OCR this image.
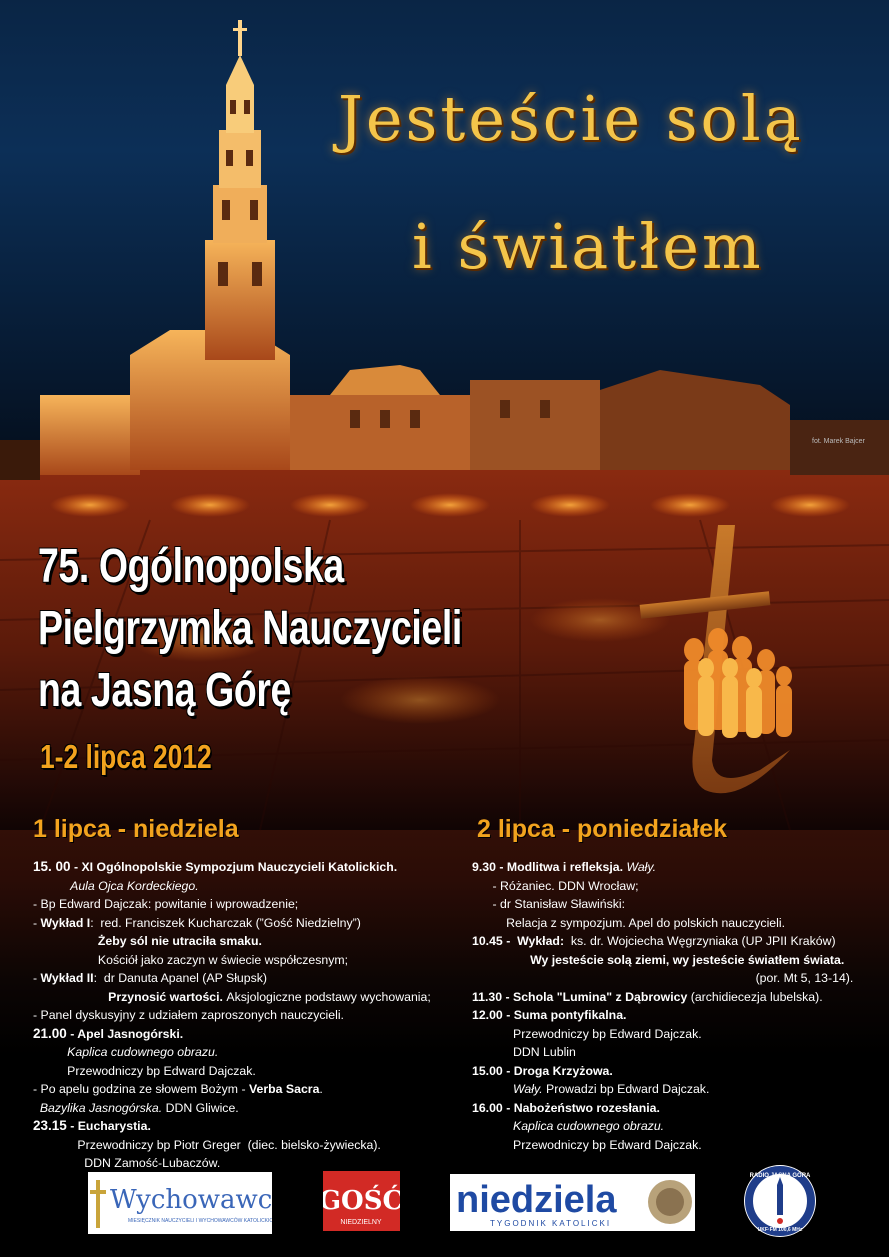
Jesteście solą
i światłem
fot. Marek Bajcer
75. Ogólnopolska
Pielgrzymka Nauczycieli
na Jasną Górę
1-2 lipca 2012
1 lipca - niedziela	2 lipca - poniedziałek
15. 00 - XI Ogólnopolskie Sympozjum Nauczycieli Katolickich.
Aula Ojca Kordeckiego.
- Bp Edward Dajczak: powitanie i wprowadzenie;
- Wykład I:  red. Franciszek Kucharczak (”Gość Niedzielny”)
Żeby sól nie utraciła smaku.
Kościół jako zaczyn w świecie współczesnym;
- Wykład II:  dr Danuta Apanel (AP Słupsk)
Przynosić wartości. Aksjologiczne podstawy wychowania;
- Panel dyskusyjny z udziałem zaproszonych nauczycieli.
21.00 - Apel Jasnogórski.
Kaplica cudownego obrazu.
Przewodniczy bp Edward Dajczak.
- Po apelu godzina ze słowem Bożym - Verba Sacra.
Bazylika Jasnogórska. DDN Gliwice.
23.15 - Eucharystia.
Przewodniczy bp Piotr Greger  (diec. bielsko-żywiecka).
DDN Zamość-Lubaczów.
9.30 - Modlitwa i refleksja. Wały.
- Różaniec. DDN Wrocław;
- dr Stanisław Sławiński:
Relacja z sympozjum. Apel do polskich nauczycieli.
10.45 -  Wykład:  ks. dr. Wojciecha Węgrzyniaka (UP JPII Kraków)
Wy jesteście solą ziemi, wy jesteście światłem świata.
(por. Mt 5, 13-14).
11.30 - Schola "Lumina" z Dąbrowicy (archidiecezja lubelska).
12.00 - Suma pontyfikalna.
Przewodniczy bp Edward Dajczak.
DDN Lublin
15.00 - Droga Krzyżowa.
Wały. Prowadzi bp Edward Dajczak.
16.00 - Nabożeństwo rozesłania.
Kaplica cudownego obrazu.
Przewodniczy bp Edward Dajczak.
Wychowawca
MIESIĘCZNIK NAUCZYCIELI I WYCHOWAWCÓW KATOLICKICH
GOŚĆ
NIEDZIELNY
niedziela
TYGODNIK KATOLICKI
RADIO JASNA GÓRA
UKF·FM 100,6 MHz
